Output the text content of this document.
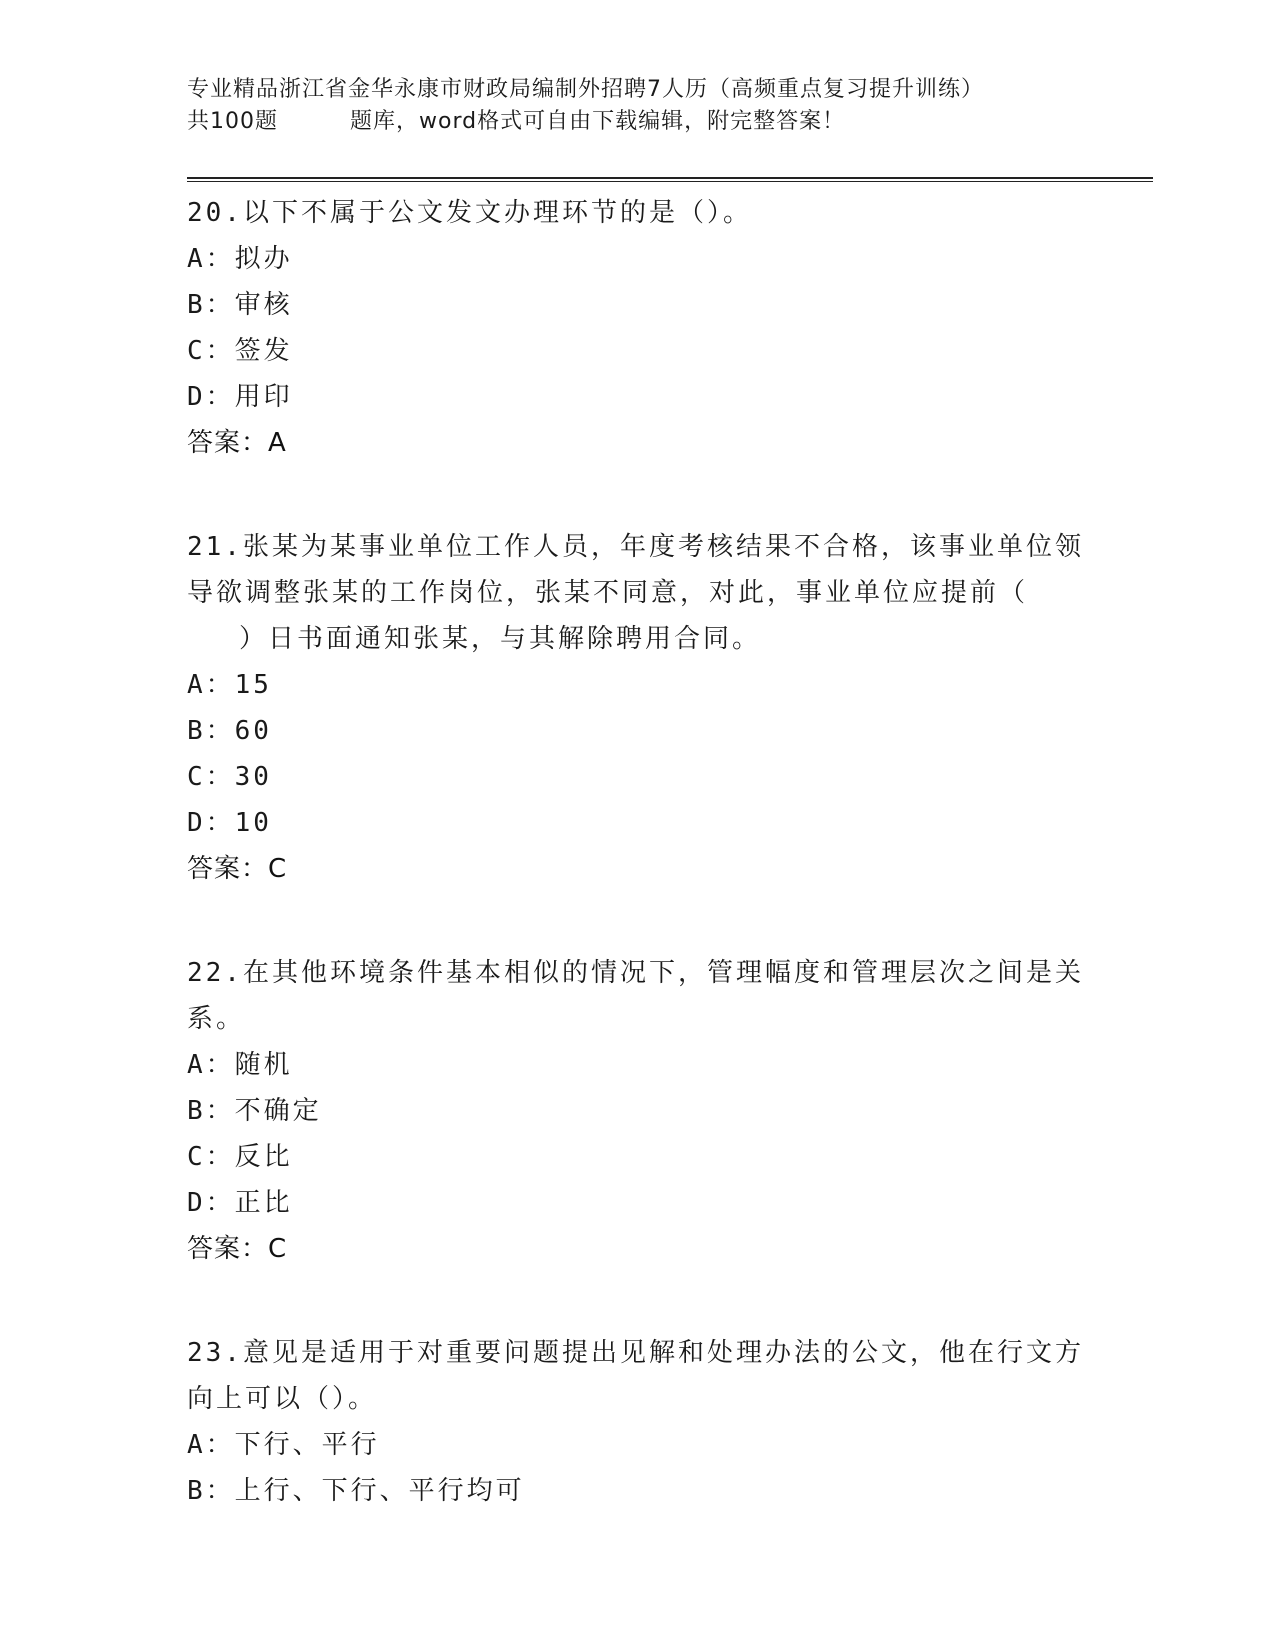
专业精品浙江省金华永康市财政局编制外招聘7人历（高频重点复习提升训练）
共100题	题库，word格式可自由下载编辑，附完整答案！

20.以下不属于公文发文办理环节的是（）。

A：拟办

B：审核

C：签发

D：用印

答案：A

21.张某为某事业单位工作人员，年度考核结果不合格，该事业单位领

导欲调整张某的工作岗位，张某不同意，对此，事业单位应提前（

）日书面通知张某，与其解除聘用合同。

A：15

B：60

C：30

D：10

答案：C

22.在其他环境条件基本相似的情况下，管理幅度和管理层次之间是关

系。

A：随机

B：不确定

C：反比

D：正比

答案：C

23.意见是适用于对重要问题提出见解和处理办法的公文，他在行文方

向上可以（）。

A：下行、平行

B：上行、下行、平行均可
